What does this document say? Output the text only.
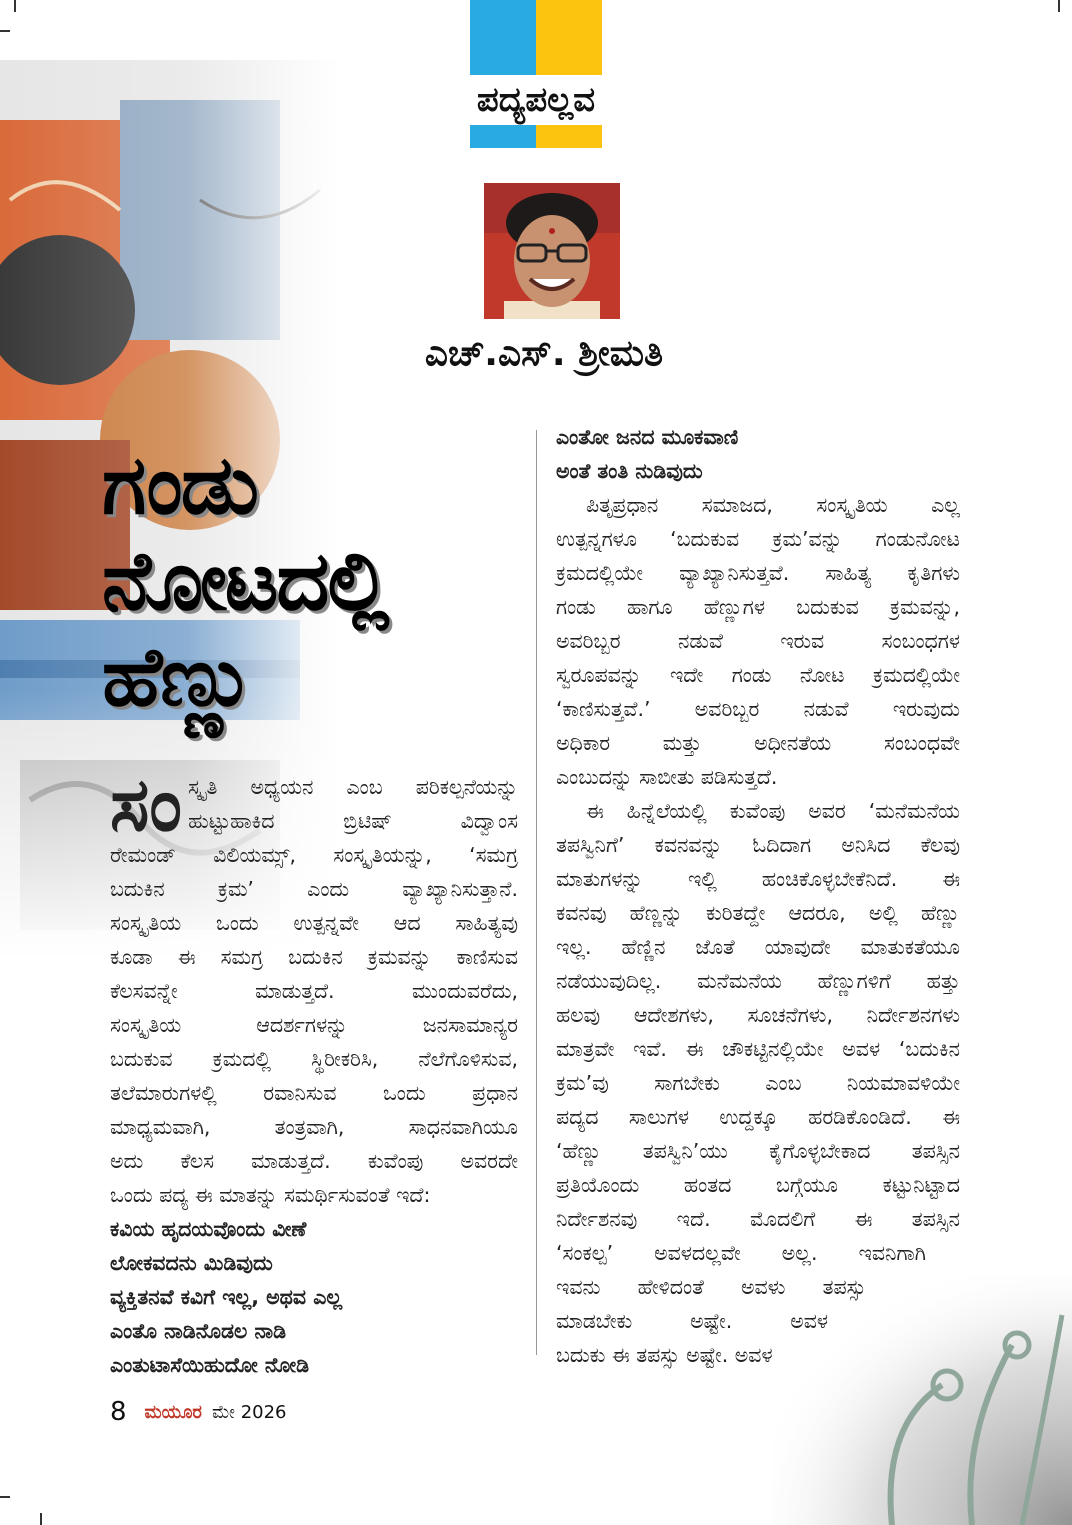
ಪದ್ಯಪಲ್ಲವ
ಎಚ್‌.ಎಸ್‌. ಶ್ರೀಮತಿ
ಗಂಡು
ನೋಟದಲ್ಲಿ
ಹೆಣ್ಣು
ಸಂ ಸ್ಕೃತಿ ಅಧ್ಯಯನ ಎಂಬ ಪರಿಕಲ್ಪನೆಯನ್ನು

ಹುಟ್ಟುಹಾಕಿದ ಬ್ರಿಟಿಷ್ ವಿದ್ವಾಂಸ

ರೇಮಂಡ್ ವಿಲಿಯಮ್ಸ್, ಸಂಸ್ಕೃತಿಯನ್ನು, ‘ಸಮಗ್ರ

ಬದುಕಿನ ಕ್ರಮ’ ಎಂದು ವ್ಯಾಖ್ಯಾನಿಸುತ್ತಾನೆ.

ಸಂಸ್ಕೃತಿಯ ಒಂದು ಉತ್ಪನ್ನವೇ ಆದ ಸಾಹಿತ್ಯವು

ಕೂಡಾ ಈ ಸಮಗ್ರ ಬದುಕಿನ ಕ್ರಮವನ್ನು ಕಾಣಿಸುವ

ಕೆಲಸವನ್ನೇ ಮಾಡುತ್ತದೆ. ಮುಂದುವರೆದು,

ಸಂಸ್ಕೃತಿಯ ಆದರ್ಶಗಳನ್ನು ಜನಸಾಮಾನ್ಯರ

ಬದುಕುವ ಕ್ರಮದಲ್ಲಿ ಸ್ಥಿರೀಕರಿಸಿ, ನೆಲೆಗೊಳಿಸುವ,

ತಲೆಮಾರುಗಳಲ್ಲಿ ರವಾನಿಸುವ ಒಂದು ಪ್ರಧಾನ

ಮಾಧ್ಯಮವಾಗಿ, ತಂತ್ರವಾಗಿ, ಸಾಧನವಾಗಿಯೂ

ಅದು ಕೆಲಸ ಮಾಡುತ್ತದೆ. ಕುವೆಂಪು ಅವರದೇ

ಒಂದು ಪದ್ಯ ಈ ಮಾತನ್ನು ಸಮರ್ಥಿಸುವಂತೆ ಇದೆ:

ಕವಿಯ ಹೃದಯವೊಂದು ವೀಣೆ

ಲೋಕವದನು ಮಿಡಿವುದು

ವ್ಯಕ್ತಿತನವೆ ಕವಿಗೆ ಇಲ್ಲ, ಅಥವ ಎಲ್ಲ

ಎಂತೊ ನಾಡಿನೊಡಲ ನಾಡಿ

ಎಂತುಟಾಸೆಯಿಹುದೋ ನೋಡಿ

ಎಂತೋ ಜನದ ಮೂಕವಾಣಿ

ಅಂತೆ ತಂತಿ ನುಡಿವುದು

ಪಿತೃಪ್ರಧಾನ ಸಮಾಜದ, ಸಂಸ್ಕೃತಿಯ ಎಲ್ಲ

ಉತ್ಪನ್ನಗಳೂ ‘ಬದುಕುವ ಕ್ರಮ’ವನ್ನು ಗಂಡುನೋಟ

ಕ್ರಮದಲ್ಲಿಯೇ ವ್ಯಾಖ್ಯಾನಿಸುತ್ತವೆ. ಸಾಹಿತ್ಯ ಕೃತಿಗಳು

ಗಂಡು ಹಾಗೂ ಹೆಣ್ಣುಗಳ ಬದುಕುವ ಕ್ರಮವನ್ನು,

ಅವರಿಬ್ಬರ ನಡುವೆ ಇರುವ ಸಂಬಂಧಗಳ

ಸ್ವರೂಪವನ್ನು ಇದೇ ಗಂಡು ನೋಟ ಕ್ರಮದಲ್ಲಿಯೇ

‘ಕಾಣಿಸುತ್ತವೆ.’ ಅವರಿಬ್ಬರ ನಡುವೆ ಇರುವುದು

ಅಧಿಕಾರ ಮತ್ತು ಅಧೀನತೆಯ ಸಂಬಂಧವೇ

ಎಂಬುದನ್ನು ಸಾಬೀತು ಪಡಿಸುತ್ತದೆ.

ಈ ಹಿನ್ನೆಲೆಯಲ್ಲಿ ಕುವೆಂಪು ಅವರ ‘ಮನೆಮನೆಯ

ತಪಸ್ವಿನಿಗೆ’ ಕವನವನ್ನು ಓದಿದಾಗ ಅನಿಸಿದ ಕೆಲವು

ಮಾತುಗಳನ್ನು ಇಲ್ಲಿ ಹಂಚಿಕೊಳ್ಳಬೇಕೆನಿದೆ. ಈ

ಕವನವು ಹೆಣ್ಣನ್ನು ಕುರಿತದ್ದೇ ಆದರೂ, ಅಲ್ಲಿ ಹೆಣ್ಣು

ಇಲ್ಲ. ಹೆಣ್ಣಿನ ಜೊತೆ ಯಾವುದೇ ಮಾತುಕತೆಯೂ

ನಡೆಯುವುದಿಲ್ಲ. ಮನೆಮನೆಯ ಹೆಣ್ಣುಗಳಿಗೆ ಹತ್ತು

ಹಲವು ಆದೇಶಗಳು, ಸೂಚನೆಗಳು, ನಿರ್ದೇಶನಗಳು

ಮಾತ್ರವೇ ಇವೆ. ಈ ಚೌಕಟ್ಟಿನಲ್ಲಿಯೇ ಅವಳ ‘ಬದುಕಿನ

ಕ್ರಮ’ವು ಸಾಗಬೇಕು ಎಂಬ ನಿಯಮಾವಳಿಯೇ

ಪದ್ಯದ ಸಾಲುಗಳ ಉದ್ದಕ್ಕೂ ಹರಡಿಕೊಂಡಿದೆ. ಈ

‘ಹೆಣ್ಣು ತಪಸ್ವಿನಿ’ಯು ಕೈಗೊಳ್ಳಬೇಕಾದ ತಪಸ್ಸಿನ

ಪ್ರತಿಯೊಂದು ಹಂತದ ಬಗ್ಗೆಯೂ ಕಟ್ಟುನಿಟ್ಟಾದ

ನಿರ್ದೇಶನವು ಇದೆ. ಮೊದಲಿಗೆ ಈ ತಪಸ್ಸಿನ

‘ಸಂಕಲ್ಪ’ ಅವಳದಲ್ಲವೇ ಅಲ್ಲ. ಇವನಿಗಾಗಿ

ಇವನು ಹೇಳಿದಂತೆ ಅವಳು ತಪಸ್ಸು

ಮಾಡಬೇಕು ಅಷ್ಟೇ. ಅವಳ

ಬದುಕು ಈ ತಪಸ್ಸು ಅಷ್ಟೇ. ಅವಳ

8 ಮಯೂರ ಮೇ 2026
